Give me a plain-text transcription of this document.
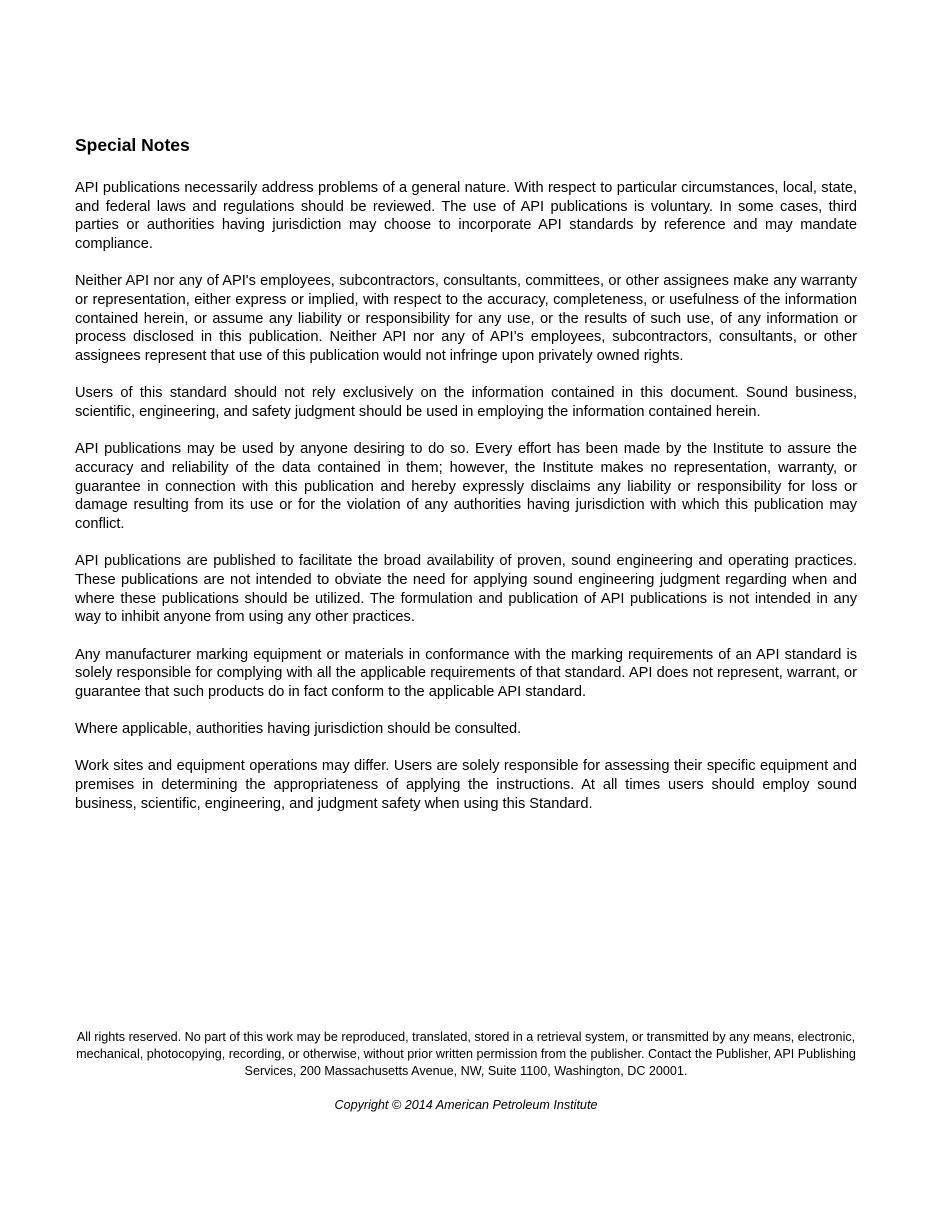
Special Notes

API publications necessarily address problems of a general nature. With respect to particular circumstances, local, state, and federal laws and regulations should be reviewed. The use of API publications is voluntary. In some cases, third parties or authorities having jurisdiction may choose to incorporate API standards by reference and may mandate compliance.

Neither API nor any of API's employees, subcontractors, consultants, committees, or other assignees make any warranty or representation, either express or implied, with respect to the accuracy, completeness, or usefulness of the information contained herein, or assume any liability or responsibility for any use, or the results of such use, of any information or process disclosed in this publication. Neither API nor any of API’s employees, subcontractors, consultants, or other assignees represent that use of this publication would not infringe upon privately owned rights.

Users of this standard should not rely exclusively on the information contained in this document. Sound business, scientific, engineering, and safety judgment should be used in employing the information contained herein.

API publications may be used by anyone desiring to do so. Every effort has been made by the Institute to assure the accuracy and reliability of the data contained in them; however, the Institute makes no representation, warranty, or guarantee in connection with this publication and hereby expressly disclaims any liability or responsibility for loss or damage resulting from its use or for the violation of any authorities having jurisdiction with which this publication may conflict.

API publications are published to facilitate the broad availability of proven, sound engineering and operating practices. These publications are not intended to obviate the need for applying sound engineering judgment regarding when and where these publications should be utilized. The formulation and publication of API publications is not intended in any way to inhibit anyone from using any other practices.

Any manufacturer marking equipment or materials in conformance with the marking requirements of an API standard is solely responsible for complying with all the applicable requirements of that standard. API does not represent, warrant, or guarantee that such products do in fact conform to the applicable API standard.

Where applicable, authorities having jurisdiction should be consulted.

Work sites and equipment operations may differ. Users are solely responsible for assessing their specific equipment and premises in determining the appropriateness of applying the instructions. At all times users should employ sound business, scientific, engineering, and judgment safety when using this Standard.

All rights reserved. No part of this work may be reproduced, translated, stored in a retrieval system, or transmitted by any means, electronic, mechanical, photocopying, recording, or otherwise, without prior written permission from the publisher. Contact the Publisher, API Publishing Services, 200 Massachusetts Avenue, NW, Suite 1100, Washington, DC 20001.

Copyright © 2014 American Petroleum Institute
